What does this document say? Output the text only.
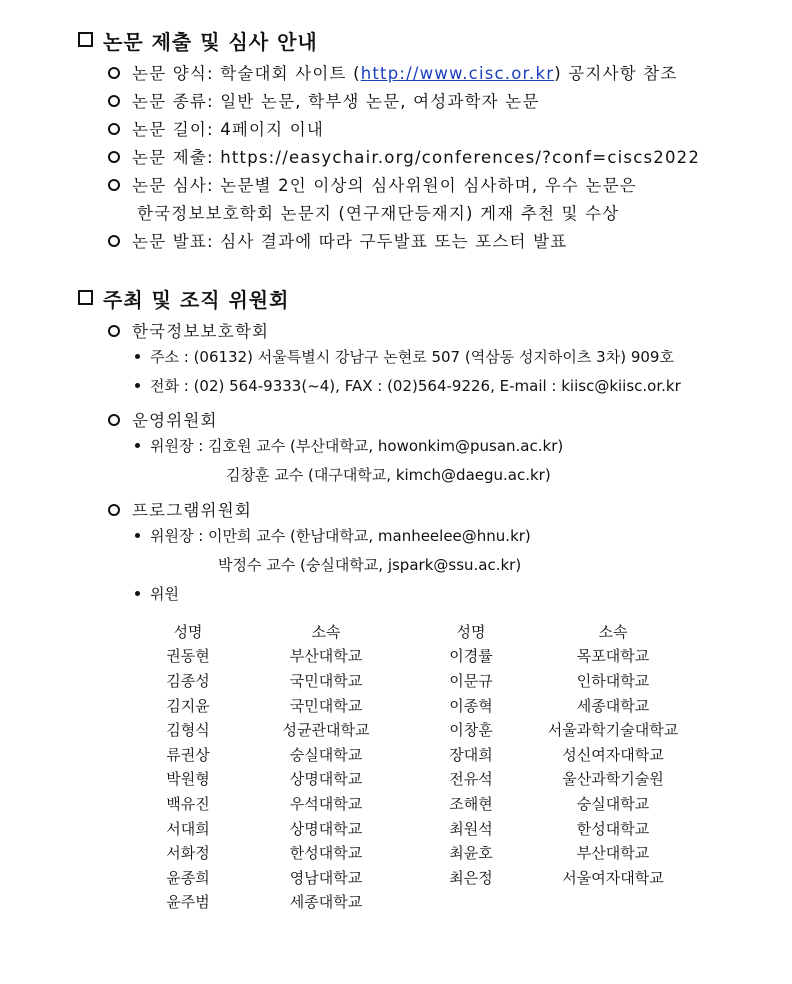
논문 제출 및 심사 안내
논문 양식: 학술대회 사이트 (http://www.cisc.or.kr) 공지사항 참조
논문 종류: 일반 논문, 학부생 논문, 여성과학자 논문
논문 길이: 4페이지 이내
논문 제출: https://easychair.org/conferences/?conf=ciscs2022
논문 심사: 논문별 2인 이상의 심사위원이 심사하며, 우수 논문은
한국정보보호학회 논문지 (연구재단등재지) 게재 추천 및 수상
논문 발표: 심사 결과에 따라 구두발표 또는 포스터 발표
주최 및 조직 위원회
한국정보보호학회
주소 : (06132) 서울특별시 강남구 논현로 507 (역삼동 성지하이츠 3차) 909호
전화 : (02) 564-9333(~4), FAX : (02)564-9226, E-mail : kiisc@kiisc.or.kr
운영위원회
위원장 : 김호원 교수 (부산대학교, howonkim@pusan.ac.kr)
김창훈 교수 (대구대학교, kimch@daegu.ac.kr)
프로그램위원회
위원장 : 이만희 교수 (한남대학교, manheelee@hnu.kr)
박정수 교수 (숭실대학교, jspark@ssu.ac.kr)
위원
성명	소속	성명	소속
권동현	부산대학교	이경률	목포대학교
김종성	국민대학교	이문규	인하대학교
김지윤	국민대학교	이종혁	세종대학교
김형식	성균관대학교	이창훈	서울과학기술대학교
류권상	숭실대학교	장대희	성신여자대학교
박원형	상명대학교	전유석	울산과학기술원
백유진	우석대학교	조해현	숭실대학교
서대희	상명대학교	최원석	한성대학교
서화정	한성대학교	최윤호	부산대학교
윤종희	영남대학교	최은정	서울여자대학교
윤주범	세종대학교		
